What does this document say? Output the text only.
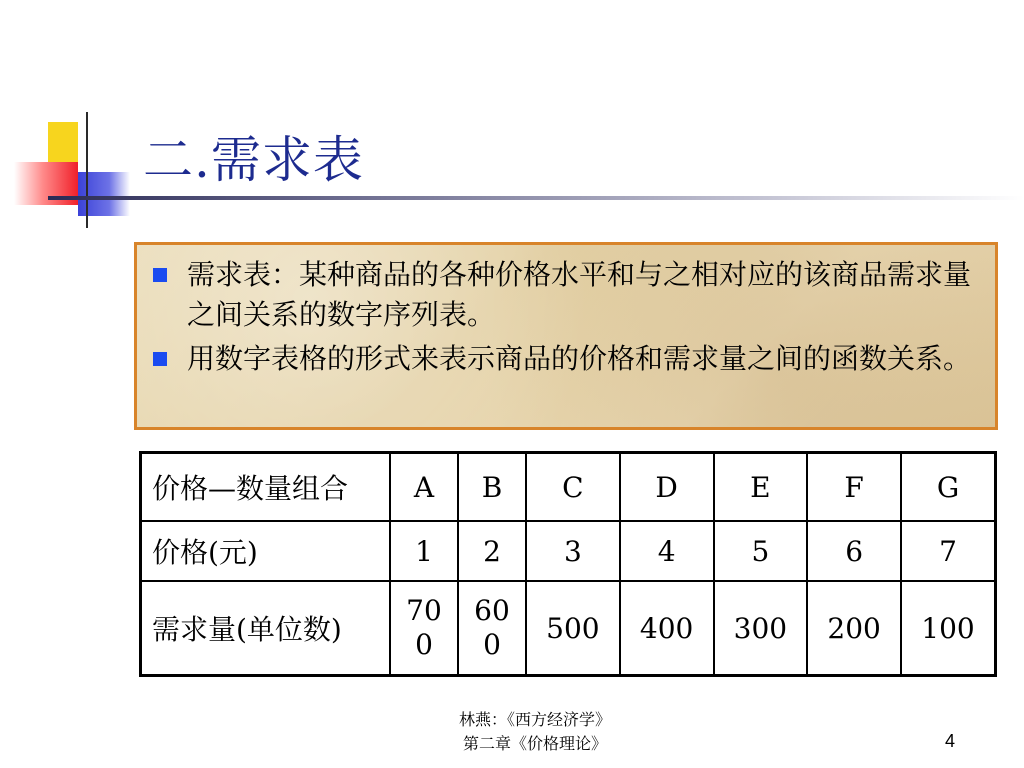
二.需求表
需求表：某种商品的各种价格水平和与之相对应的该商品需求量之间关系的数字序列表。
用数字表格的形式来表示商品的价格和需求量之间的函数关系。
价格—数量组合	A	B	C	D	E	F	G
价格(元)	1	2	3	4	5	6	7
需求量(单位数)	700	600	500	400	300	200	100
林燕：《西方经济学》
第二章《价格理论》	4
